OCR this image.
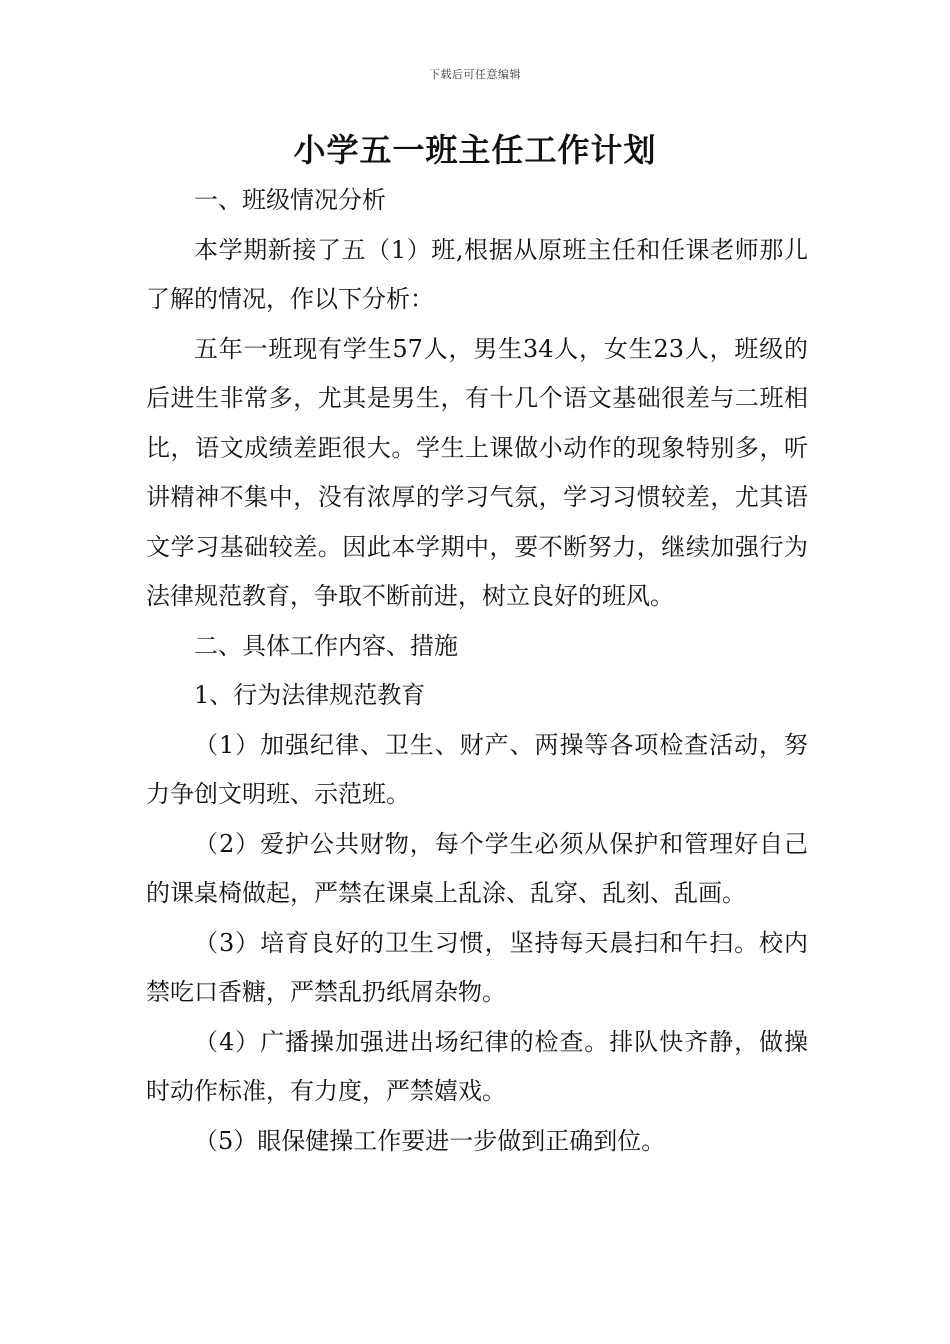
下载后可任意编辑
小学五一班主任工作计划

一、班级情况分析

本学期新接了五（1）班,根据从原班主任和任课老师那儿了解的情况，作以下分析：

五年一班现有学生57人，男生34人，女生23人，班级的后进生非常多，尤其是男生，有十几个语文基础很差与二班相比，语文成绩差距很大。学生上课做小动作的现象特别多，听讲精神不集中，没有浓厚的学习气氛，学习习惯较差，尤其语文学习基础较差。因此本学期中，要不断努力，继续加强行为法律规范教育，争取不断前进，树立良好的班风。

二、具体工作内容、措施

1、行为法律规范教育

（1）加强纪律、卫生、财产、两操等各项检查活动，努力争创文明班、示范班。

（2）爱护公共财物，每个学生必须从保护和管理好自己的课桌椅做起，严禁在课桌上乱涂、乱穿、乱刻、乱画。

（3）培育良好的卫生习惯，坚持每天晨扫和午扫。校内禁吃口香糖，严禁乱扔纸屑杂物。

（4）广播操加强进出场纪律的检查。排队快齐静，做操时动作标准，有力度，严禁嬉戏。

（5）眼保健操工作要进一步做到正确到位。
